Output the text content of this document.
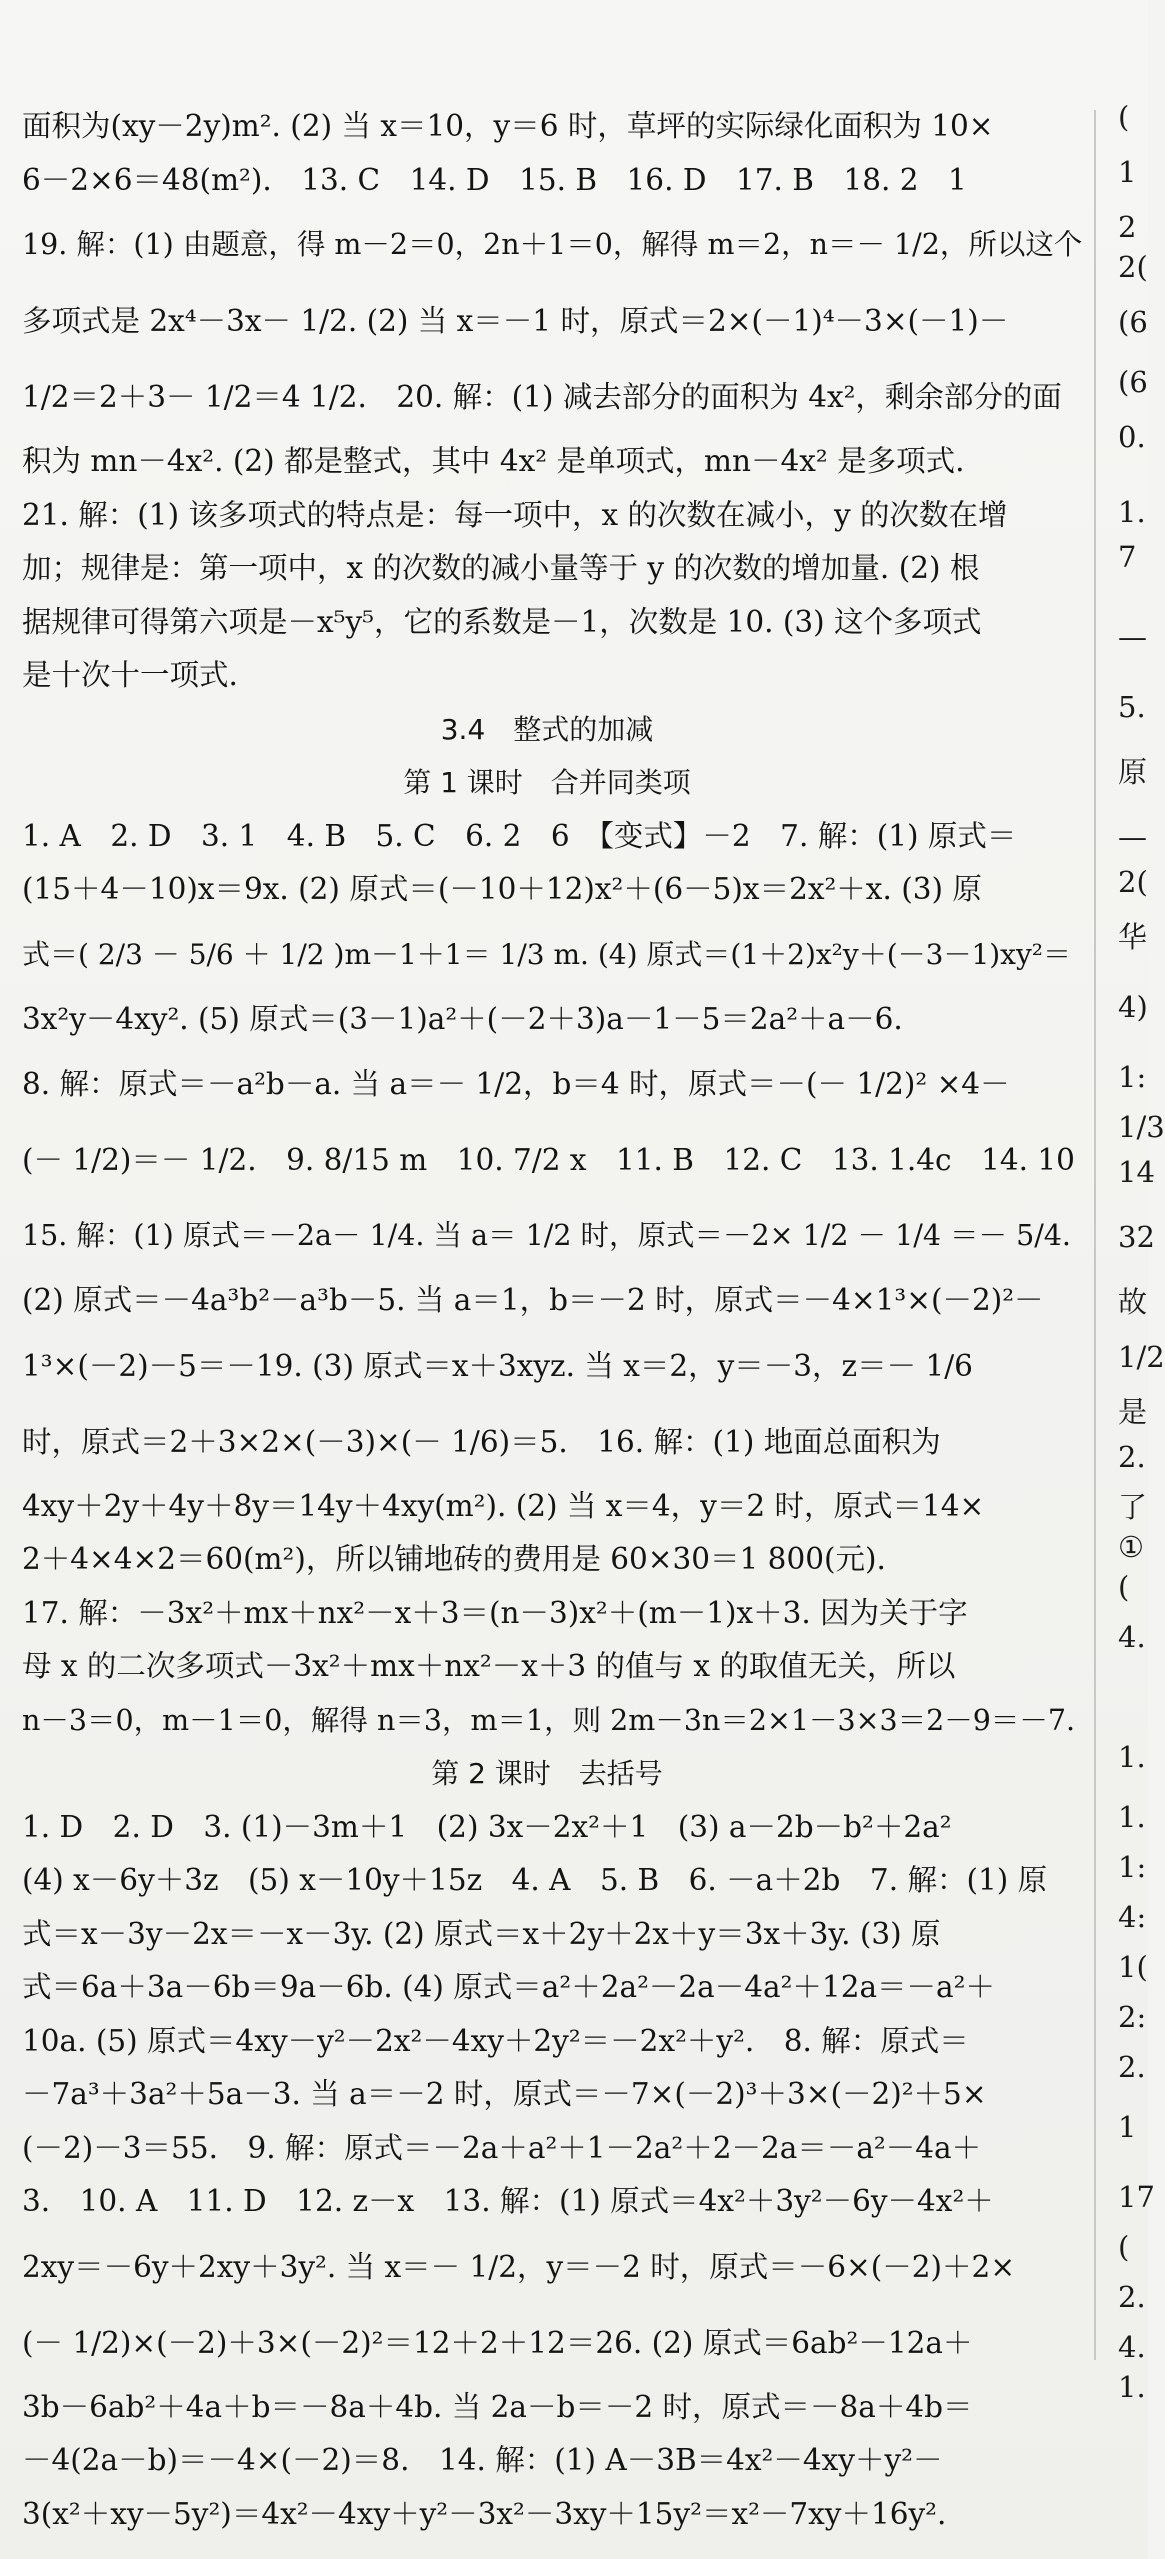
面积为(xy－2y)m². (2) 当 x＝10，y＝6 时，草坪的实际绿化面积为 10×
6－2×6＝48(m²).　13. C　14. D　15. B　16. D　17. B　18. 2　1
19. 解：(1) 由题意，得 m－2＝0，2n＋1＝0，解得 m＝2，n＝－ 1/2，所以这个
多项式是 2x⁴－3x－ 1/2. (2) 当 x＝－1 时，原式＝2×(－1)⁴－3×(－1)－
1/2＝2＋3－ 1/2＝4 1/2.　20. 解：(1) 减去部分的面积为 4x²，剩余部分的面
积为 mn－4x². (2) 都是整式，其中 4x² 是单项式，mn－4x² 是多项式.
21. 解：(1) 该多项式的特点是：每一项中，x 的次数在减小，y 的次数在增
加；规律是：第一项中，x 的次数的减小量等于 y 的次数的增加量. (2) 根
据规律可得第六项是－x⁵y⁵，它的系数是－1，次数是 10. (3) 这个多项式
是十次十一项式.
3.4　整式的加减
第 1 课时　合并同类项
1. A　2. D　3. 1　4. B　5. C　6. 2　6　【变式】－2　7. 解：(1) 原式＝
(15＋4－10)x＝9x. (2) 原式＝(－10＋12)x²＋(6－5)x＝2x²＋x. (3) 原
式＝( 2/3 － 5/6 ＋ 1/2 )m－1＋1＝ 1/3 m. (4) 原式＝(1＋2)x²y＋(－3－1)xy²＝
3x²y－4xy². (5) 原式＝(3－1)a²＋(－2＋3)a－1－5＝2a²＋a－6.
8. 解：原式＝－a²b－a. 当 a＝－ 1/2，b＝4 时，原式＝－(－ 1/2)² ×4－
(－ 1/2)＝－ 1/2.　9. 8/15 m　10. 7/2 x　11. B　12. C　13. 1.4c　14. 10
15. 解：(1) 原式＝－2a－ 1/4. 当 a＝ 1/2 时，原式＝－2× 1/2 － 1/4 ＝－ 5/4.
(2) 原式＝－4a³b²－a³b－5. 当 a＝1，b＝－2 时，原式＝－4×1³×(－2)²－
1³×(－2)－5＝－19. (3) 原式＝x＋3xyz. 当 x＝2，y＝－3，z＝－ 1/6
时，原式＝2＋3×2×(－3)×(－ 1/6)＝5.　16. 解：(1) 地面总面积为
4xy＋2y＋4y＋8y＝14y＋4xy(m²). (2) 当 x＝4，y＝2 时，原式＝14×
2＋4×4×2＝60(m²)，所以铺地砖的费用是 60×30＝1 800(元).
17. 解：－3x²＋mx＋nx²－x＋3＝(n－3)x²＋(m－1)x＋3. 因为关于字
母 x 的二次多项式－3x²＋mx＋nx²－x＋3 的值与 x 的取值无关，所以
n－3＝0，m－1＝0，解得 n＝3，m＝1，则 2m－3n＝2×1－3×3＝2－9＝－7.
第 2 课时　去括号
1. D　2. D　3. (1)－3m＋1　(2) 3x－2x²＋1　(3) a－2b－b²＋2a²
(4) x－6y＋3z　(5) x－10y＋15z　4. A　5. B　6. －a＋2b　7. 解：(1) 原
式＝x－3y－2x＝－x－3y. (2) 原式＝x＋2y＋2x＋y＝3x＋3y. (3) 原
式＝6a＋3a－6b＝9a－6b. (4) 原式＝a²＋2a²－2a－4a²＋12a＝－a²＋
10a. (5) 原式＝4xy－y²－2x²－4xy＋2y²＝－2x²＋y².　8. 解：原式＝
－7a³＋3a²＋5a－3. 当 a＝－2 时，原式＝－7×(－2)³＋3×(－2)²＋5×
(－2)－3＝55.　9. 解：原式＝－2a＋a²＋1－2a²＋2－2a＝－a²－4a＋
3.　10. A　11. D　12. z－x　13. 解：(1) 原式＝4x²＋3y²－6y－4x²＋
2xy＝－6y＋2xy＋3y². 当 x＝－ 1/2，y＝－2 时，原式＝－6×(－2)＋2×
(－ 1/2)×(－2)＋3×(－2)²＝12＋2＋12＝26. (2) 原式＝6ab²－12a＋
3b－6ab²＋4a＋b＝－8a＋4b. 当 2a－b＝－2 时，原式＝－8a＋4b＝
－4(2a－b)＝－4×(－2)＝8.　14. 解：(1) A－3B＝4x²－4xy＋y²－
3(x²＋xy－5y²)＝4x²－4xy＋y²－3x²－3xy＋15y²＝x²－7xy＋16y².
(
1
2
2(
(6
(6
0.
1.
7
—
5.
原
—
2(
华
4)
1:
1/3
14
32
故
1/2
是
2.
了
①
(
4.
1.
1.
1:
4:
1(
2:
2.
1
17
(
2.
4.
1.
